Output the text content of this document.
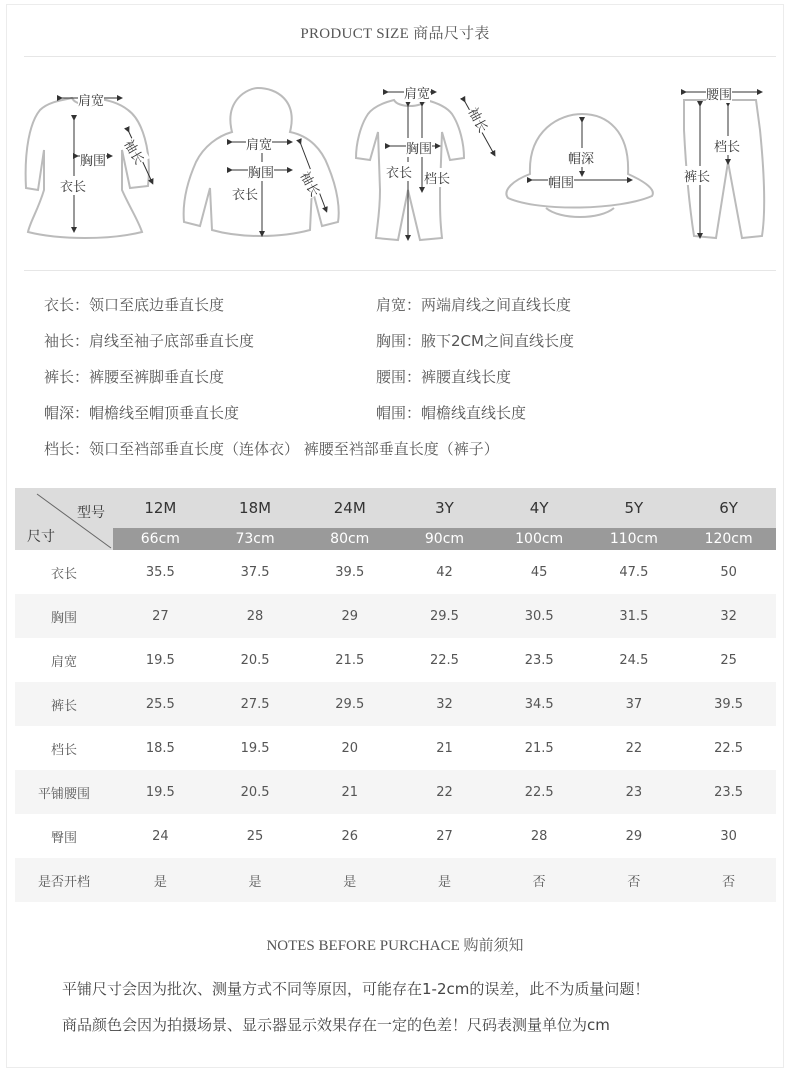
PRODUCT SIZE 商品尺寸表
肩宽
胸围
衣长
袖长	肩宽
胸围
衣长	袖长
肩宽
胸围
衣长 档长
袖长
帽深
帽围
腰围
档长
裤长
衣长：领口至底边垂直长度	肩宽：两端肩线之间直线长度
袖长：肩线至袖子底部垂直长度	胸围：腋下2CM之间直线长度
裤长：裤腰至裤脚垂直长度	腰围：裤腰直线长度
帽深：帽檐线至帽顶垂直长度	帽围：帽檐线直线长度
档长：领口至裆部垂直长度（连体衣） 裤腰至裆部垂直长度（裤子）
型号
尺寸	12M	18M	24M	3Y	4Y	5Y	6Y
	66cm	73cm	80cm	90cm	100cm	110cm	120cm
衣长	35.5	37.5	39.5	42	45	47.5	50
胸围	27	28	29	29.5	30.5	31.5	32
肩宽	19.5	20.5	21.5	22.5	23.5	24.5	25
裤长	25.5	27.5	29.5	32	34.5	37	39.5
档长	18.5	19.5	20	21	21.5	22	22.5
平铺腰围	19.5	20.5	21	22	22.5	23	23.5
臀围	24	25	26	27	28	29	30
是否开档	是	是	是	是	否	否	否
NOTES BEFORE PURCHACE 购前须知
平铺尺寸会因为批次、测量方式不同等原因，可能存在1-2cm的误差，此不为质量问题！
商品颜色会因为拍摄场景、显示器显示效果存在一定的色差！尺码表测量单位为cm
